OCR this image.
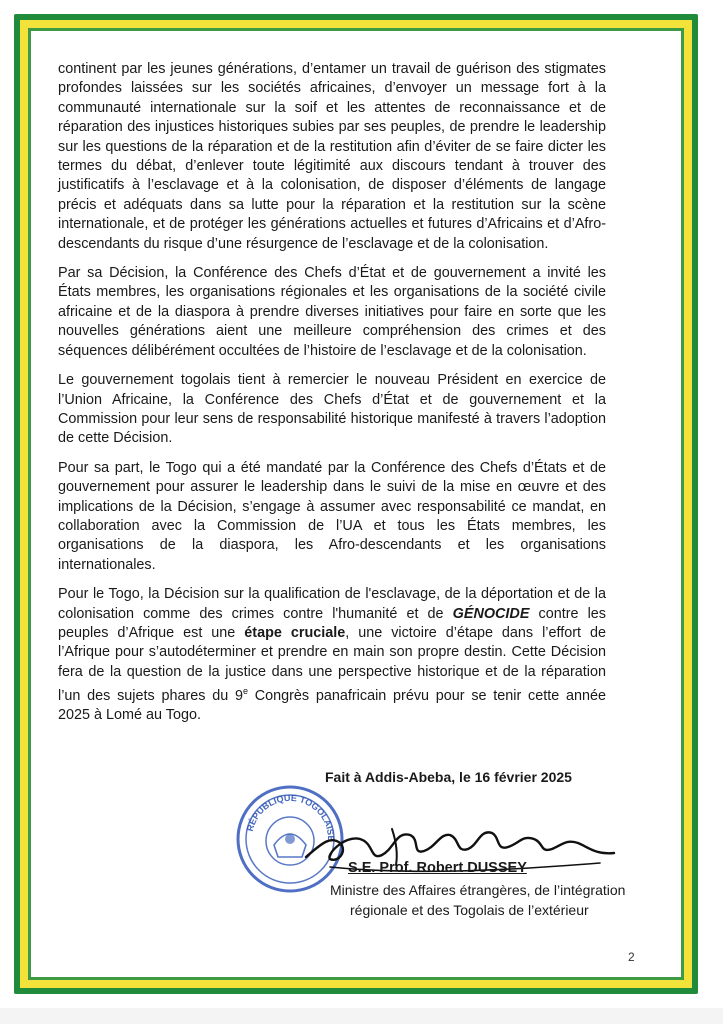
continent par les jeunes générations, d’entamer un travail de guérison des stigmates profondes laissées sur les sociétés africaines, d’envoyer un message fort à la communauté internationale sur la soif et les attentes de reconnaissance et de réparation des injustices historiques subies par ses peuples, de prendre le leadership sur les questions de la réparation et de la restitution afin d’éviter de se faire dicter les termes du débat, d’enlever toute légitimité aux discours tendant à trouver des justificatifs à l’esclavage et à la colonisation, de disposer d’éléments de langage précis et adéquats dans sa lutte pour la réparation et la restitution sur la scène internationale, et de protéger les générations actuelles et futures d’Africains et d’Afro-descendants du risque d’une résurgence de l’esclavage et de la colonisation.

Par sa Décision, la Conférence des Chefs d’État et de gouvernement a invité les États membres, les organisations régionales et les organisations de la société civile africaine et de la diaspora à prendre diverses initiatives pour faire en sorte que les nouvelles générations aient une meilleure compréhension des crimes et des séquences délibérément occultées de l’histoire de l’esclavage et de la colonisation.

Le gouvernement togolais tient à remercier le nouveau Président en exercice de l’Union Africaine, la Conférence des Chefs d’État et de gouvernement et la Commission pour leur sens de responsabilité historique manifesté à travers l’adoption de cette Décision.

Pour sa part, le Togo qui a été mandaté par la Conférence des Chefs d’États et de gouvernement pour assurer le leadership dans le suivi de la mise en œuvre et des implications de la Décision, s’engage à assumer avec responsabilité ce mandat, en collaboration avec la Commission de l’UA et tous les États membres, les organisations de la diaspora, les Afro-descendants et les organisations internationales.

Pour le Togo, la Décision sur la qualification de l'esclavage, de la déportation et de la colonisation comme des crimes contre l'humanité et de GÉNOCIDE contre les peuples d’Afrique est une étape cruciale, une victoire d’étape dans l’effort de l’Afrique pour s’autodéterminer et prendre en main son propre destin. Cette Décision fera de la question de la justice dans une perspective historique et de la réparation l’un des sujets phares du 9e Congrès panafricain prévu pour se tenir cette année 2025 à Lomé au Togo.

RÉPUBLIQUE TOGOLAISE
Fait à Addis-Abeba, le 16 février 2025
S.E. Prof. Robert DUSSEY
Ministre des Affaires étrangères, de l’intégration
régionale et des Togolais de l’extérieur
2
